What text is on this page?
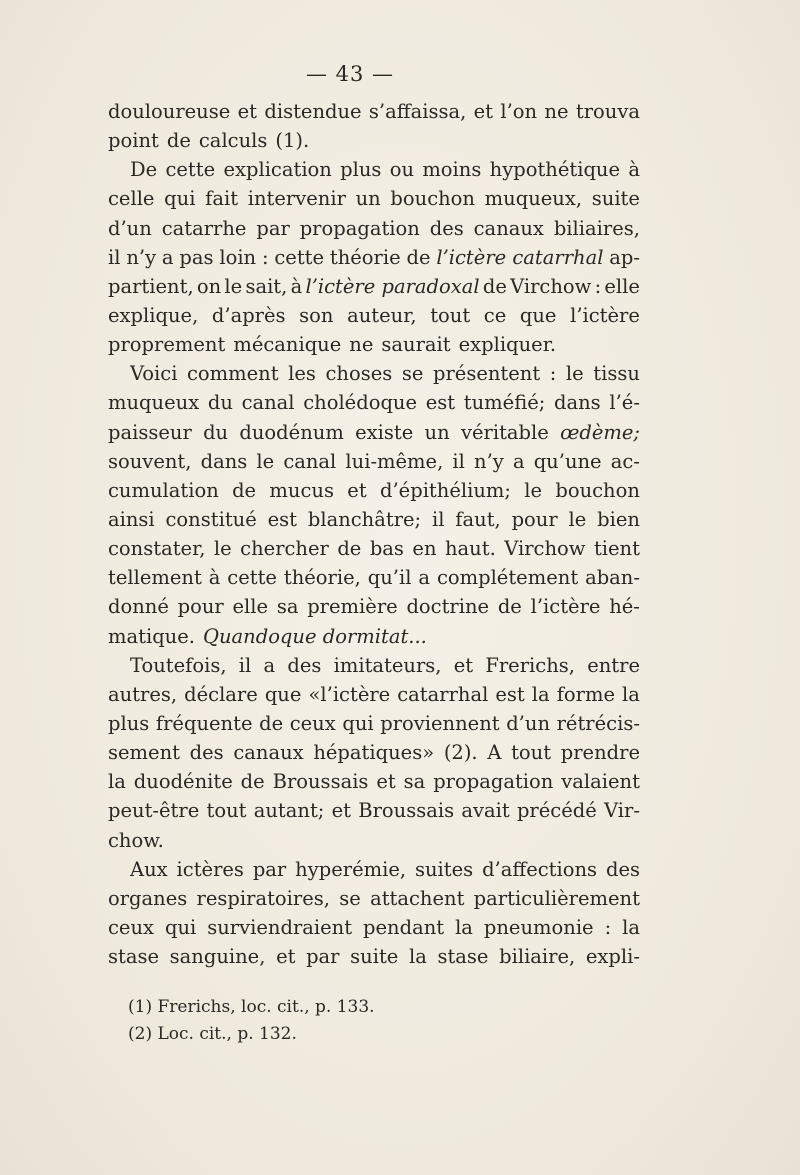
— 43 —
douloureuse et distendue s’affaissa, et l’on ne trouva
point de calculs (1).
De cette explication plus ou moins hypothétique à
celle qui fait intervenir un bouchon muqueux, suite
d’un catarrhe par propagation des canaux biliaires,
il n’y a pas loin : cette théorie de l’ictère catarrhal ap-
partient, on le sait, à l’ictère paradoxal de Virchow : elle
explique, d’après son auteur, tout ce que l’ictère
proprement mécanique ne saurait expliquer.
Voici comment les choses se présentent : le tissu
muqueux du canal cholédoque est tuméfié; dans l’é-
paisseur du duodénum existe un véritable œdème;
souvent, dans le canal lui-même, il n’y a qu’une ac-
cumulation de mucus et d’épithélium; le bouchon
ainsi constitué est blanchâtre; il faut, pour le bien
constater, le chercher de bas en haut. Virchow tient
tellement à cette théorie, qu’il a complétement aban-
donné pour elle sa première doctrine de l’ictère hé-
matique. Quandoque dormitat...
Toutefois, il a des imitateurs, et Frerichs, entre
autres, déclare que «l’ictère catarrhal est la forme la
plus fréquente de ceux qui proviennent d’un rétrécis-
sement des canaux hépatiques» (2). A tout prendre
la duodénite de Broussais et sa propagation valaient
peut-être tout autant; et Broussais avait précédé Vir-
chow.
Aux ictères par hyperémie, suites d’affections des
organes respiratoires, se attachent particulièrement
ceux qui surviendraient pendant la pneumonie : la
stase sanguine, et par suite la stase biliaire, expli-
(1) Frerichs, loc. cit., p. 133.
(2) Loc. cit., p. 132.
